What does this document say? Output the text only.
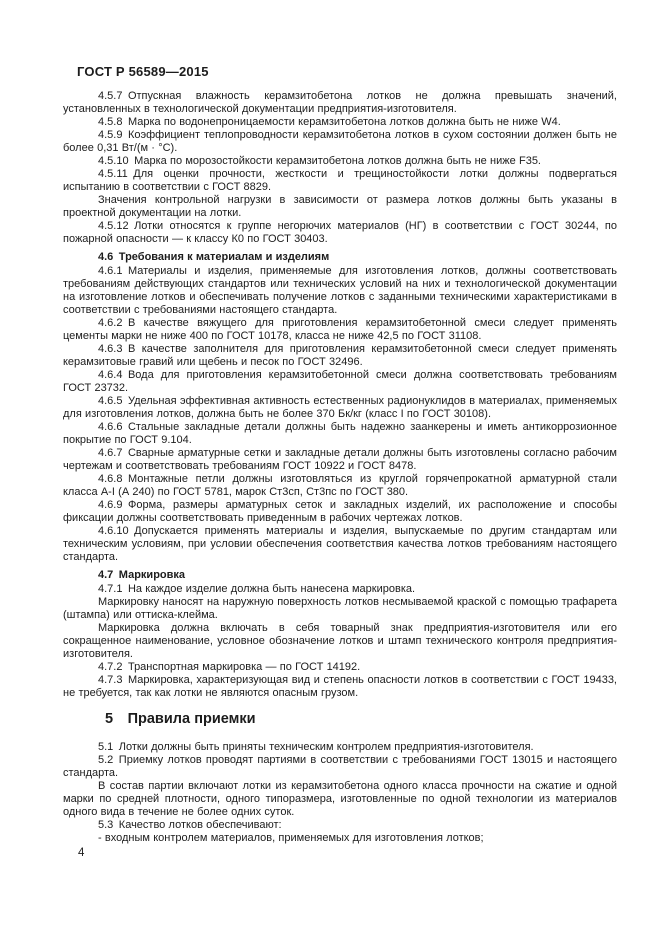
ГОСТ Р 56589—2015

4.5.7 Отпускная влажность керамзитобетона лотков не должна превышать значений, установленных в технологической документации предприятия-изготовителя.

4.5.8 Марка по водонепроницаемости керамзитобетона лотков должна быть не ниже W4.

4.5.9 Коэффициент теплопроводности керамзитобетона лотков в сухом состоянии должен быть не более 0,31 Вт/(м · °С).

4.5.10 Марка по морозостойкости керамзитобетона лотков должна быть не ниже F35.

4.5.11 Для оценки прочности, жесткости и трещиностойкости лотки должны подвергаться испытанию в соответствии с ГОСТ 8829.

Значения контрольной нагрузки в зависимости от размера лотков должны быть указаны в проектной документации на лотки.

4.5.12 Лотки относятся к группе негорючих материалов (НГ) в соответствии с ГОСТ 30244, по пожарной опасности — к классу К0 по ГОСТ 30403.

4.6 Требования к материалам и изделиям

4.6.1 Материалы и изделия, применяемые для изготовления лотков, должны соответствовать требованиям действующих стандартов или технических условий на них и технологической документации на изготовление лотков и обеспечивать получение лотков с заданными техническими характеристиками в соответствии с требованиями настоящего стандарта.

4.6.2 В качестве вяжущего для приготовления керамзитобетонной смеси следует применять цементы марки не ниже 400 по ГОСТ 10178, класса не ниже 42,5 по ГОСТ 31108.

4.6.3 В качестве заполнителя для приготовления керамзитобетонной смеси следует применять керамзитовые гравий или щебень и песок по ГОСТ 32496.

4.6.4 Вода для приготовления керамзитобетонной смеси должна соответствовать требованиям ГОСТ 23732.

4.6.5 Удельная эффективная активность естественных радионуклидов в материалах, применяемых для изготовления лотков, должна быть не более 370 Бк/кг (класс I по ГОСТ 30108).

4.6.6 Стальные закладные детали должны быть надежно заанкерены и иметь антикоррозионное покрытие по ГОСТ 9.104.

4.6.7 Сварные арматурные сетки и закладные детали должны быть изготовлены согласно рабочим чертежам и соответствовать требованиям ГОСТ 10922 и ГОСТ 8478.

4.6.8 Монтажные петли должны изготовляться из круглой горячепрокатной арматурной стали класса A-I (А 240) по ГОСТ 5781, марок Ст3сп, Ст3пс по ГОСТ 380.

4.6.9 Форма, размеры арматурных сеток и закладных изделий, их расположение и способы фиксации должны соответствовать приведенным в рабочих чертежах лотков.

4.6.10 Допускается применять материалы и изделия, выпускаемые по другим стандартам или техническим условиям, при условии обеспечения соответствия качества лотков требованиям настоящего стандарта.

4.7 Маркировка

4.7.1 На каждое изделие должна быть нанесена маркировка.

Маркировку наносят на наружную поверхность лотков несмываемой краской с помощью трафарета (штампа) или оттиска-клейма.

Маркировка должна включать в себя товарный знак предприятия-изготовителя или его сокращенное наименование, условное обозначение лотков и штамп технического контроля предприятия-изготовителя.

4.7.2 Транспортная маркировка — по ГОСТ 14192.

4.7.3 Маркировка, характеризующая вид и степень опасности лотков в соответствии с ГОСТ 19433, не требуется, так как лотки не являются опасным грузом.

5 Правила приемки

5.1 Лотки должны быть приняты техническим контролем предприятия-изготовителя.

5.2 Приемку лотков проводят партиями в соответствии с требованиями ГОСТ 13015 и настоящего стандарта.

В состав партии включают лотки из керамзитобетона одного класса прочности на сжатие и одной марки по средней плотности, одного типоразмера, изготовленные по одной технологии из материалов одного вида в течение не более одних суток.

5.3 Качество лотков обеспечивают:

- входным контролем материалов, применяемых для изготовления лотков;

4
